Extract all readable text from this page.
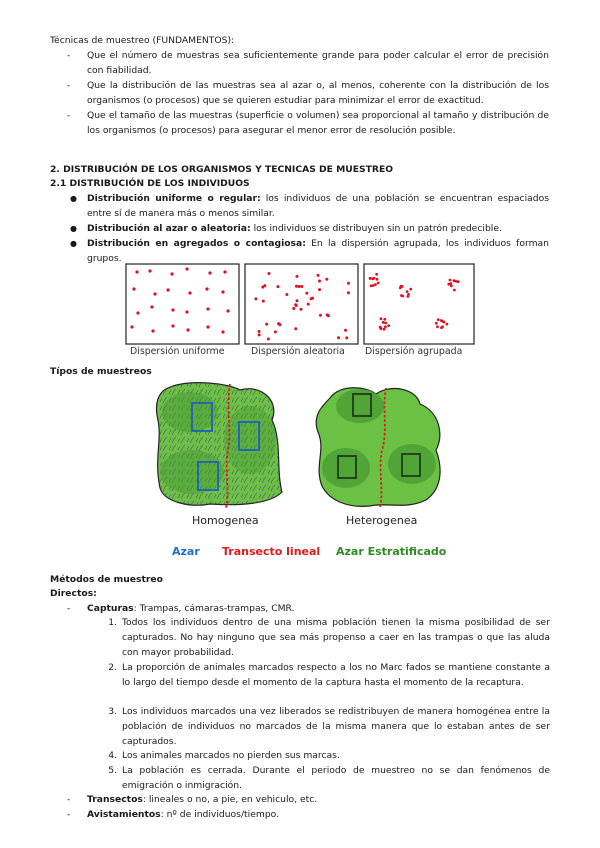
Técnicas de muestreo (FUNDAMENTOS):
- Que el número de muestras sea suficientemente grande para poder calcular el error de precisión con fiabilidad.
- Que la distribución de las muestras sea al azar o, al menos, coherente con la distribución de los organismos (o procesos) que se quieren estudiar para minimizar el error de exactitud.
- Que el tamaño de las muestras (superficie o volumen) sea proporcional al tamaño y distribución de los organismos (o procesos) para asegurar el menor error de resolución posible.
2. DISTRIBUCIÓN DE LOS ORGANISMOS Y TECNICAS DE MUESTREO
2.1 DISTRIBUCIÓN DE LOS INDIVIDUOS
● Distribución uniforme o regular: los individuos de una población se encuentran espaciados entre sí de manera más o menos similar.
● Distribución al azar o aleatoria: los individuos se distribuyen sin un patrón predecible.
● Distribución en agregados o contagiosa: En la dispersión agrupada, los individuos forman grupos.
Dispersión uniforme	Dispersión aleatoria Dispersión agrupada
Típos de muestreos
Homogenea	Heterogenea
Azar Transecto lineal Azar Estratificado
Métodos de muestreo
Directos:
- Capturas: Trampas, cámaras-trampas, CMR.
1. Todos los individuos dentro de una misma población tienen la misma posibilidad de ser capturados. No hay ninguno que sea más propenso a caer en las trampas o que las aluda con mayor probabilidad.
2. La proporción de animales marcados respecto a los no Marc fados se mantiene constante a lo largo del tiempo desde el momento de la captura hasta el momento de la recaptura.
3. Los individuos marcados una vez liberados se redistribuyen de manera homogénea entre la población de individuos no marcados de la misma manera que lo estaban antes de ser capturados.
4. Los animales marcados no pierden sus marcas.
5. La población es cerrada. Durante el periodo de muestreo no se dan fenómenos de emigración o inmigración.
- Transectos: lineales o no, a pie, en vehiculo, etc.
- Avistamientos: nº de individuos/tiempo.
